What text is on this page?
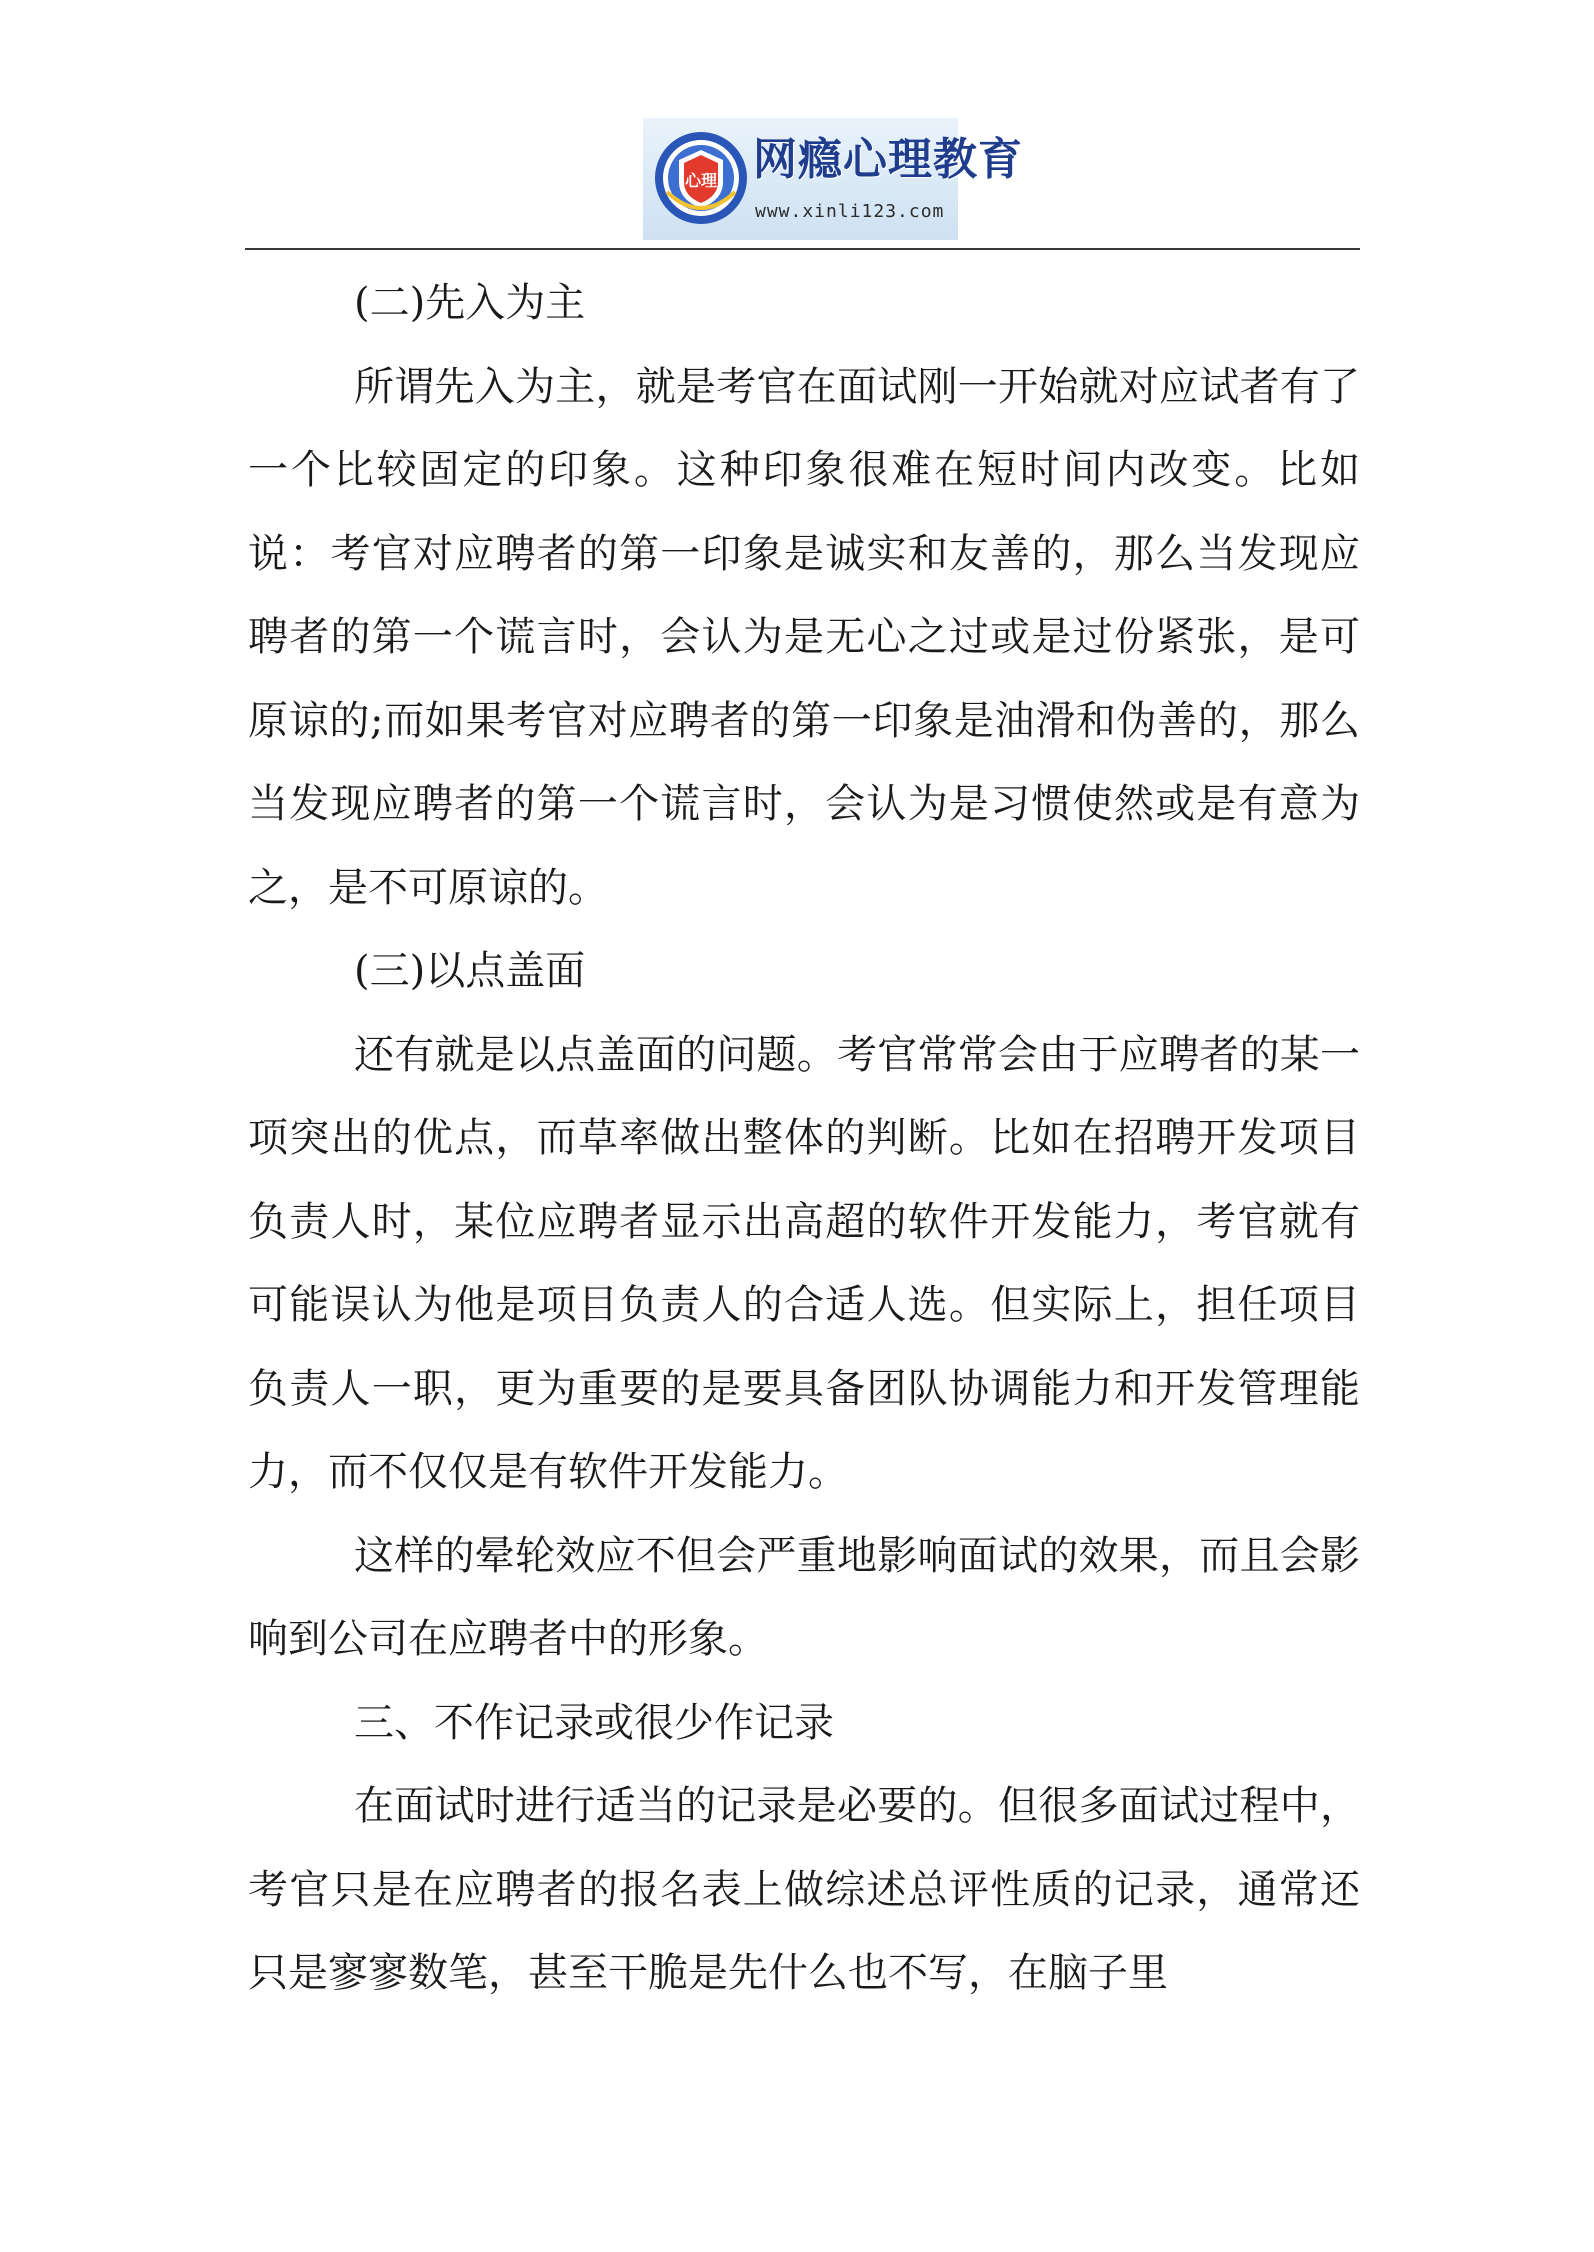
心理 网瘾心理教育
www.xinli123.com

(二)先入为主

所谓先入为主，就是考官在面试刚一开始就对应试者有了一个比较固定的印象。这种印象很难在短时间内改变。比如说：考官对应聘者的第一印象是诚实和友善的，那么当发现应聘者的第一个谎言时，会认为是无心之过或是过份紧张，是可原谅的;而如果考官对应聘者的第一印象是油滑和伪善的，那么当发现应聘者的第一个谎言时，会认为是习惯使然或是有意为之，是不可原谅的。

(三)以点盖面

还有就是以点盖面的问题。考官常常会由于应聘者的某一项突出的优点，而草率做出整体的判断。比如在招聘开发项目负责人时，某位应聘者显示出高超的软件开发能力，考官就有可能误认为他是项目负责人的合适人选。但实际上，担任项目负责人一职，更为重要的是要具备团队协调能力和开发管理能力，而不仅仅是有软件开发能力。

这样的晕轮效应不但会严重地影响面试的效果，而且会影响到公司在应聘者中的形象。

三、不作记录或很少作记录

在面试时进行适当的记录是必要的。但很多面试过程中，考官只是在应聘者的报名表上做综述总评性质的记录，通常还只是寥寥数笔，甚至干脆是先什么也不写，在脑子里
